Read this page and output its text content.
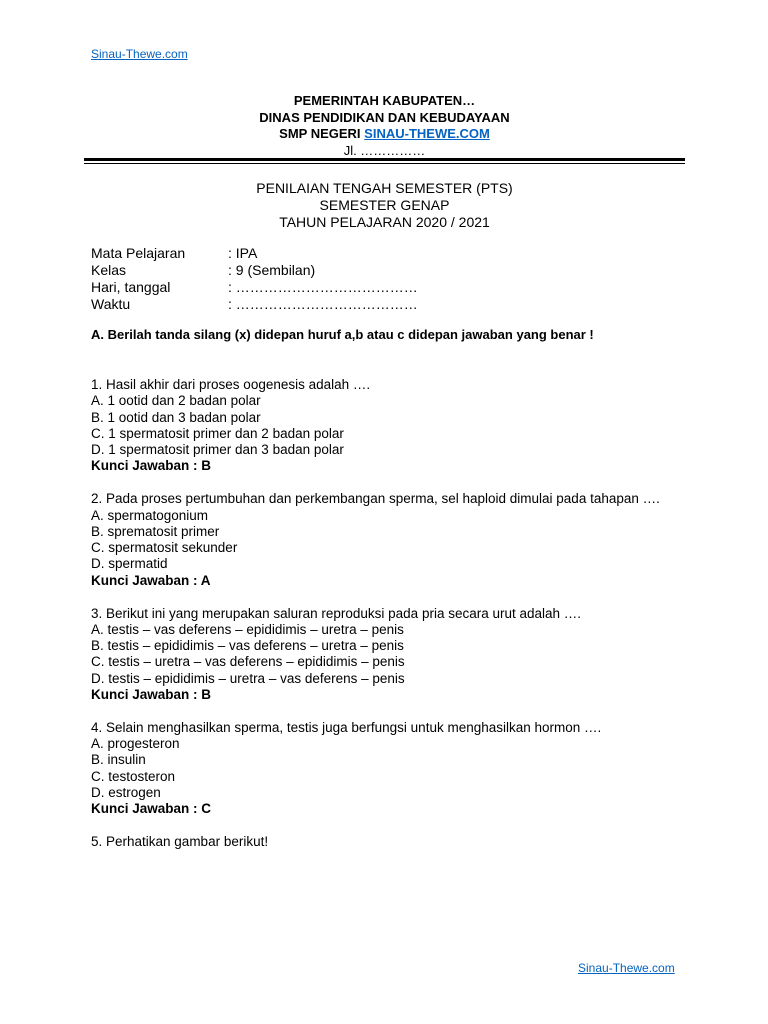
Sinau-Thewe.com
PEMERINTAH KABUPATEN…
DINAS PENDIDIKAN DAN KEBUDAYAAN
SMP NEGERI SINAU-THEWE.COM
Jl. ……………
PENILAIAN TENGAH SEMESTER (PTS)
SEMESTER GENAP
TAHUN PELAJARAN 2020 / 2021
Mata Pelajaran	: IPA
Kelas	: 9 (Sembilan)
Hari, tanggal	: …………………………………
Waktu	: …………………………………
A. Berilah tanda silang (x) didepan huruf a,b atau c didepan jawaban yang benar !
1. Hasil akhir dari proses oogenesis adalah ….
A. 1 ootid dan 2 badan polar
B. 1 ootid dan 3 badan polar
C. 1 spermatosit primer dan 2 badan polar
D. 1 spermatosit primer dan 3 badan polar
Kunci Jawaban : B
2. Pada proses pertumbuhan dan perkembangan sperma, sel haploid dimulai pada tahapan ….
A. spermatogonium
B. sprematosit primer
C. spermatosit sekunder
D. spermatid
Kunci Jawaban : A
3. Berikut ini yang merupakan saluran reproduksi pada pria secara urut adalah ….
A. testis – vas deferens – epididimis – uretra – penis
B. testis – epididimis – vas deferens – uretra – penis
C. testis – uretra – vas deferens – epididimis – penis
D. testis – epididimis – uretra – vas deferens – penis
Kunci Jawaban : B
4. Selain menghasilkan sperma, testis juga berfungsi untuk menghasilkan hormon ….
A. progesteron
B. insulin
C. testosteron
D. estrogen
Kunci Jawaban : C
5. Perhatikan gambar berikut!
Sinau-Thewe.com
